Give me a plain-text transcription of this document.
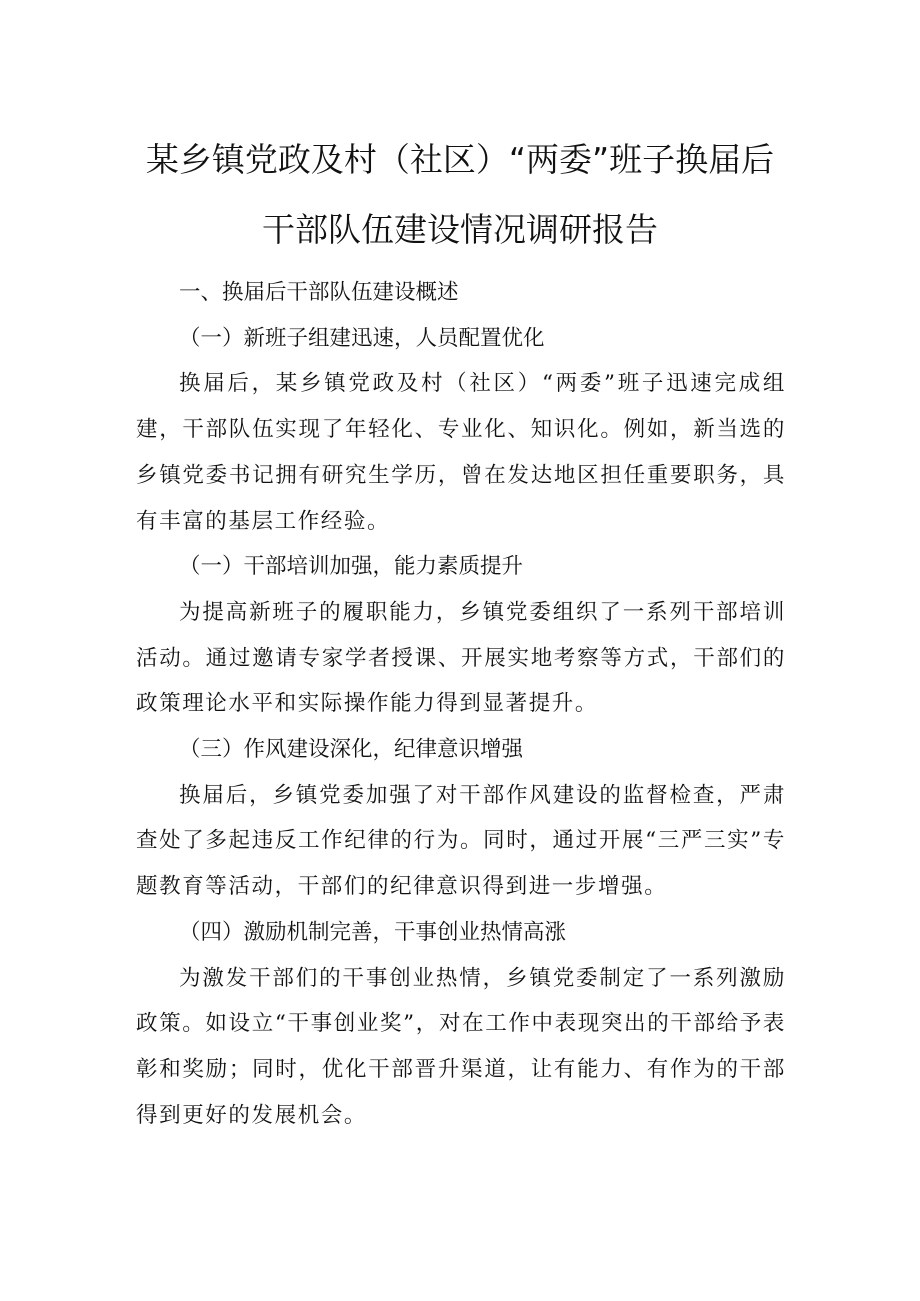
某乡镇党政及村（社区）“两委”班子换届后
干部队伍建设情况调研报告

一、换届后干部队伍建设概述

（一）新班子组建迅速，人员配置优化

换届后，某乡镇党政及村（社区）“两委”班子迅速完成组建，干部队伍实现了年轻化、专业化、知识化。例如，新当选的乡镇党委书记拥有研究生学历，曾在发达地区担任重要职务，具有丰富的基层工作经验。

（一）干部培训加强，能力素质提升

为提高新班子的履职能力，乡镇党委组织了一系列干部培训活动。通过邀请专家学者授课、开展实地考察等方式，干部们的政策理论水平和实际操作能力得到显著提升。

（三）作风建设深化，纪律意识增强

换届后，乡镇党委加强了对干部作风建设的监督检查，严肃查处了多起违反工作纪律的行为。同时，通过开展“三严三实”专题教育等活动，干部们的纪律意识得到进一步增强。

（四）激励机制完善，干事创业热情高涨

为激发干部们的干事创业热情，乡镇党委制定了一系列激励政策。如设立“干事创业奖”，对在工作中表现突出的干部给予表彰和奖励；同时，优化干部晋升渠道，让有能力、有作为的干部得到更好的发展机会。
